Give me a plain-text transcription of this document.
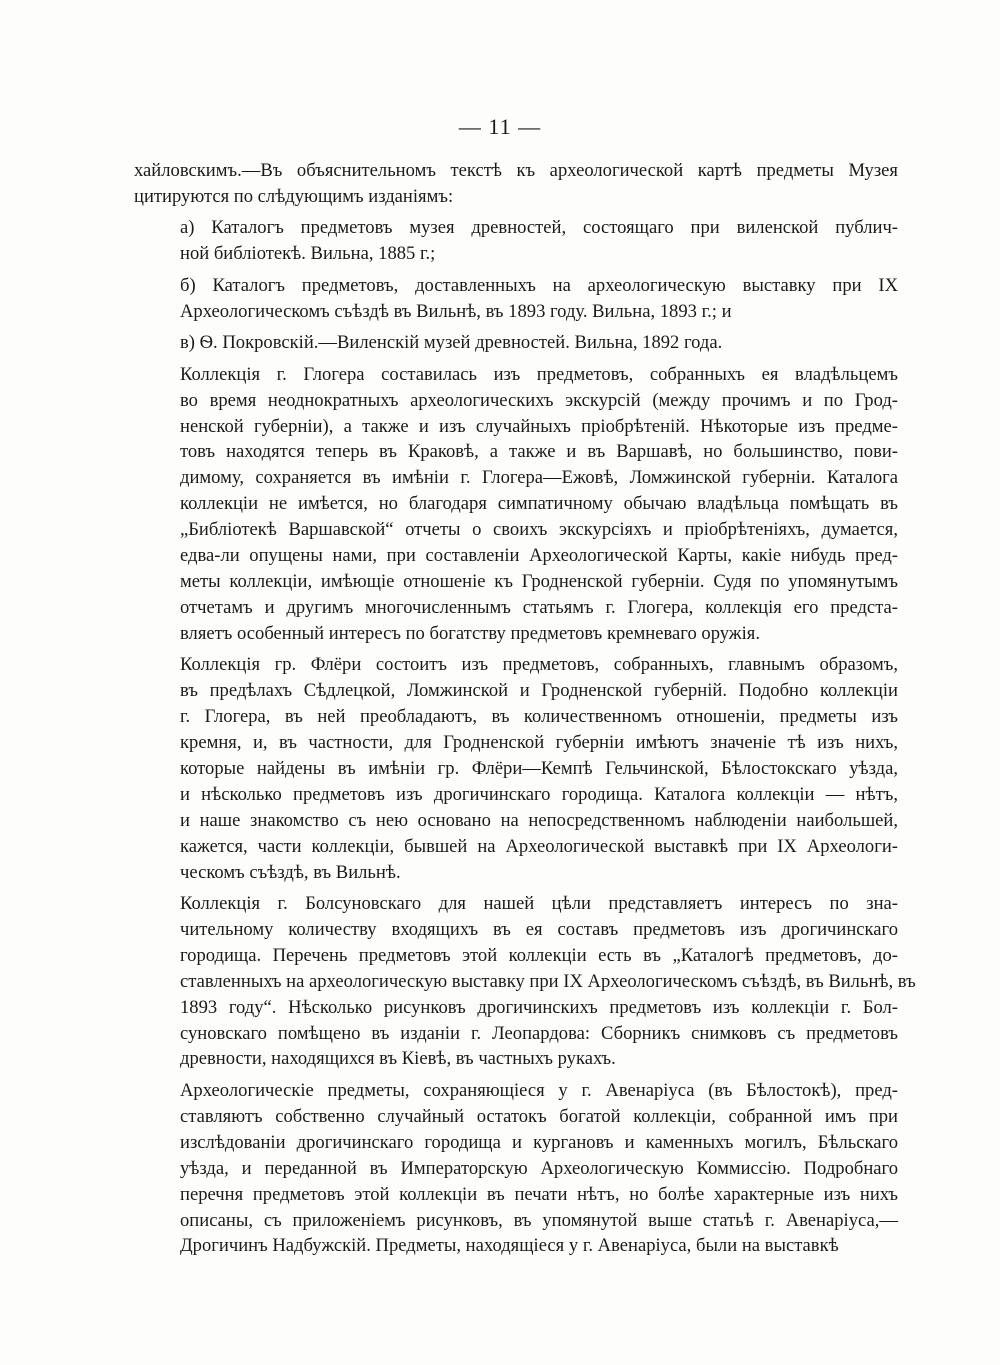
— 11 —

хайловскимъ.—Въ объяснительномъ текстѣ къ археологической картѣ предметы Музея
цитируются по слѣдующимъ изданіямъ:

а) Каталогъ предметовъ музея древностей, состоящаго при виленской публич-
ной библіотекѣ. Вильна, 1885 г.;

б) Каталогъ предметовъ, доставленныхъ на археологическую выставку при IX
Археологическомъ съѣздѣ въ Вильнѣ, въ 1893 году. Вильна, 1893 г.; и

в) Ѳ. Покровскій.—Виленскій музей древностей. Вильна, 1892 года.

Коллекція г. Глогера составилась изъ предметовъ, собранныхъ ея владѣльцемъ
во время неоднократныхъ археологическихъ экскурсій (между прочимъ и по Грод-
ненской губерніи), а также и изъ случайныхъ пріобрѣтеній. Нѣкоторые изъ предме-
товъ находятся теперь въ Краковѣ, а также и въ Варшавѣ, но большинство, пови-
димому, сохраняется въ имѣніи г. Глогера—Ежовѣ, Ломжинской губерніи. Каталога
коллекціи не имѣется, но благодаря симпатичному обычаю владѣльца помѣщать въ
„Библіотекѣ Варшавской“ отчеты о своихъ экскурсіяхъ и пріобрѣтеніяхъ, думается,
едва-ли опущены нами, при составленіи Археологической Карты, какіе нибудь пред-
меты коллекціи, имѣющіе отношеніе къ Гродненской губерніи. Судя по упомянутымъ
отчетамъ и другимъ многочисленнымъ статьямъ г. Глогера, коллекція его предста-
вляетъ особенный интересъ по богатству предметовъ кремневаго оружія.

Коллекція гр. Флёри состоитъ изъ предметовъ, собранныхъ, главнымъ образомъ,
въ предѣлахъ Сѣдлецкой, Ломжинской и Гродненской губерній. Подобно коллекціи
г. Глогера, въ ней преобладаютъ, въ количественномъ отношеніи, предметы изъ
кремня, и, въ частности, для Гродненской губерніи имѣютъ значеніе тѣ изъ нихъ,
которые найдены въ имѣніи гр. Флёри—Кемпѣ Гельчинской, Бѣлостокскаго уѣзда,
и нѣсколько предметовъ изъ дрогичинскаго городища. Каталога коллекціи — нѣтъ,
и наше знакомство съ нею основано на непосредственномъ наблюденіи наибольшей,
кажется, части коллекціи, бывшей на Археологической выставкѣ при IX Археологи-
ческомъ съѣздѣ, въ Вильнѣ.

Коллекція г. Болсуновскаго для нашей цѣли представляетъ интересъ по зна-
чительному количеству входящихъ въ ея составъ предметовъ изъ дрогичинскаго
городища. Перечень предметовъ этой коллекціи есть въ „Каталогѣ предметовъ, до-
ставленныхъ на археологическую выставку при IX Археологическомъ съѣздѣ, въ Вильнѣ, въ
1893 году“. Нѣсколько рисунковъ дрогичинскихъ предметовъ изъ коллекціи г. Бол-
суновскаго помѣщено въ изданіи г. Леопардова: Сборникъ снимковъ съ предметовъ
древности, находящихся въ Кіевѣ, въ частныхъ рукахъ.

Археологическіе предметы, сохраняющіеся у г. Авенаріуса (въ Бѣлостокѣ), пред-
ставляютъ собственно случайный остатокъ богатой коллекціи, собранной имъ при
изслѣдованіи дрогичинскаго городища и кургановъ и каменныхъ могилъ, Бѣльскаго
уѣзда, и переданной въ Императорскую Археологическую Коммиссію. Подробнаго
перечня предметовъ этой коллекціи въ печати нѣтъ, но болѣе характерные изъ нихъ
описаны, съ приложеніемъ рисунковъ, въ упомянутой выше статьѣ г. Авенаріуса,—
Дрогичинъ Надбужскій. Предметы, находящіеся у г. Авенаріуса, были на выставкѣ
